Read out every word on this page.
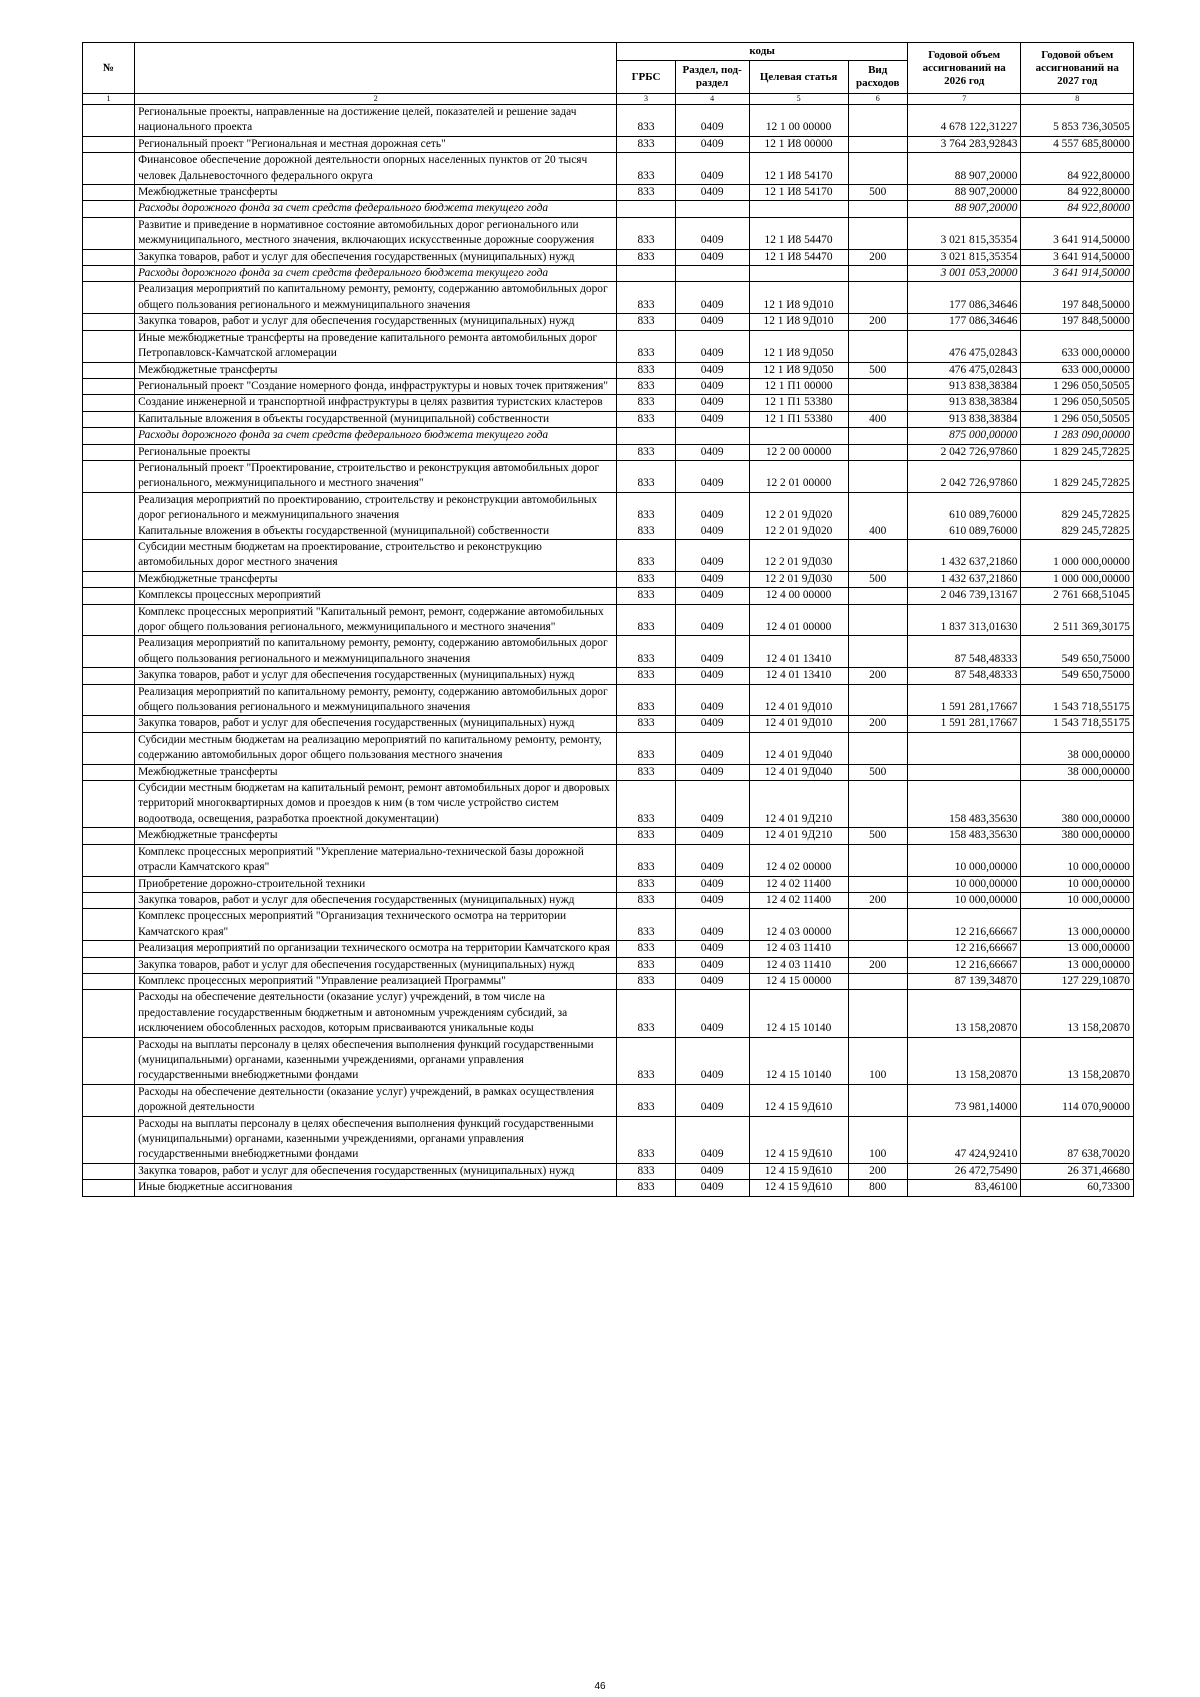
№		коды				Годовой объем ассигнований на 2026 год	Годовой объем ассигнований на 2027 год
		ГРБС	Раздел, под-раздел	Целевая статья	Вид расходов		
1	2	3	4	5	6	7	8
	Региональные проекты, направленные на достижение целей, показателей и решение задач национального проекта	833	0409	12 1 00 00000		4 678 122,31227	5 853 736,30505
	Региональный проект "Региональная и местная дорожная сеть"	833	0409	12 1 И8 00000		3 764 283,92843	4 557 685,80000
	Финансовое обеспечение дорожной деятельности опорных населенных пунктов от 20 тысяч человек Дальневосточного федерального округа	833	0409	12 1 И8 54170		88 907,20000	84 922,80000
	Межбюджетные трансферты	833	0409	12 1 И8 54170	500	88 907,20000	84 922,80000
	Расходы дорожного фонда за счет средств федерального бюджета текущего года					88 907,20000	84 922,80000
	Развитие и приведение в нормативное состояние автомобильных дорог регионального или межмуниципального, местного значения, включающих искусственные дорожные сооружения	833	0409	12 1 И8 54470		3 021 815,35354	3 641 914,50000
	Закупка товаров, работ и услуг для обеспечения государственных (муниципальных) нужд	833	0409	12 1 И8 54470	200	3 021 815,35354	3 641 914,50000
	Расходы дорожного фонда за счет средств федерального бюджета текущего года					3 001 053,20000	3 641 914,50000
	Реализация мероприятий по капитальному ремонту, ремонту, содержанию автомобильных дорог общего пользования регионального и межмуниципального значения	833	0409	12 1 И8 9Д010		177 086,34646	197 848,50000
	Закупка товаров, работ и услуг для обеспечения государственных (муниципальных) нужд	833	0409	12 1 И8 9Д010	200	177 086,34646	197 848,50000
	Иные межбюджетные трансферты на проведение капитального ремонта автомобильных дорог Петропавловск-Камчатской агломерации	833	0409	12 1 И8 9Д050		476 475,02843	633 000,00000
	Межбюджетные трансферты	833	0409	12 1 И8 9Д050	500	476 475,02843	633 000,00000
	Региональный проект "Создание номерного фонда, инфраструктуры и новых точек притяжения"	833	0409	12 1 П1 00000		913 838,38384	1 296 050,50505
	Создание инженерной и транспортной инфраструктуры в целях развития туристских кластеров	833	0409	12 1 П1 53380		913 838,38384	1 296 050,50505
	Капитальные вложения в объекты государственной (муниципальной) собственности	833	0409	12 1 П1 53380	400	913 838,38384	1 296 050,50505
	Расходы дорожного фонда за счет средств федерального бюджета текущего года					875 000,00000	1 283 090,00000
	Региональные проекты	833	0409	12 2 00 00000		2 042 726,97860	1 829 245,72825
	Региональный проект "Проектирование, строительство и реконструкция автомобильных дорог регионального, межмуниципального и местного значения"	833	0409	12 2 01 00000		2 042 726,97860	1 829 245,72825
	Реализация мероприятий по проектированию, строительству и реконструкции автомобильных дорог регионального и межмуниципального значения	833	0409	12 2 01 9Д020		610 089,76000	829 245,72825
	Капитальные вложения в объекты государственной (муниципальной) собственности	833	0409	12 2 01 9Д020	400	610 089,76000	829 245,72825
	Субсидии местным бюджетам на проектирование, строительство и реконструкцию автомобильных дорог местного значения	833	0409	12 2 01 9Д030		1 432 637,21860	1 000 000,00000
	Межбюджетные трансферты	833	0409	12 2 01 9Д030	500	1 432 637,21860	1 000 000,00000
	Комплексы процессных мероприятий	833	0409	12 4 00 00000		2 046 739,13167	2 761 668,51045
	Комплекс процессных мероприятий "Капитальный ремонт, ремонт, содержание автомобильных дорог общего пользования регионального, межмуниципального и местного значения"	833	0409	12 4 01 00000		1 837 313,01630	2 511 369,30175
	Реализация мероприятий по капитальному ремонту, ремонту, содержанию автомобильных дорог общего пользования регионального и межмуниципального значения	833	0409	12 4 01 13410		87 548,48333	549 650,75000
	Закупка товаров, работ и услуг для обеспечения государственных (муниципальных) нужд	833	0409	12 4 01 13410	200	87 548,48333	549 650,75000
	Реализация мероприятий по капитальному ремонту, ремонту, содержанию автомобильных дорог общего пользования регионального и межмуниципального значения	833	0409	12 4 01 9Д010		1 591 281,17667	1 543 718,55175
	Закупка товаров, работ и услуг для обеспечения государственных (муниципальных) нужд	833	0409	12 4 01 9Д010	200	1 591 281,17667	1 543 718,55175
	Субсидии местным бюджетам на реализацию мероприятий по капитальному ремонту, ремонту, содержанию автомобильных дорог общего пользования местного значения	833	0409	12 4 01 9Д040			38 000,00000
	Межбюджетные трансферты	833	0409	12 4 01 9Д040	500		38 000,00000
	Субсидии местным бюджетам на капитальный ремонт, ремонт автомобильных дорог и дворовых территорий многоквартирных домов и проездов к ним (в том числе устройство систем водоотвода, освещения, разработка проектной документации)	833	0409	12 4 01 9Д210		158 483,35630	380 000,00000
	Межбюджетные трансферты	833	0409	12 4 01 9Д210	500	158 483,35630	380 000,00000
	Комплекс процессных мероприятий "Укрепление материально-технической базы дорожной отрасли Камчатского края"	833	0409	12 4 02 00000		10 000,00000	10 000,00000
	Приобретение дорожно-строительной техники	833	0409	12 4 02 11400		10 000,00000	10 000,00000
	Закупка товаров, работ и услуг для обеспечения государственных (муниципальных) нужд	833	0409	12 4 02 11400	200	10 000,00000	10 000,00000
	Комплекс процессных мероприятий "Организация технического осмотра на территории Камчатского края"	833	0409	12 4 03 00000		12 216,66667	13 000,00000
	Реализация мероприятий по организации технического осмотра на территории Камчатского края	833	0409	12 4 03 11410		12 216,66667	13 000,00000
	Закупка товаров, работ и услуг для обеспечения государственных (муниципальных) нужд	833	0409	12 4 03 11410	200	12 216,66667	13 000,00000
	Комплекс процессных мероприятий "Управление реализацией Программы"	833	0409	12 4 15 00000		87 139,34870	127 229,10870
	Расходы на обеспечение деятельности (оказание услуг) учреждений, в том числе на предоставление государственным бюджетным и автономным учреждениям субсидий, за исключением обособленных расходов, которым присваиваются уникальные коды	833	0409	12 4 15 10140		13 158,20870	13 158,20870
	Расходы на выплаты персоналу в целях обеспечения выполнения функций государственными (муниципальными) органами, казенными учреждениями, органами управления государственными внебюджетными фондами	833	0409	12 4 15 10140	100	13 158,20870	13 158,20870
	Расходы на обеспечение деятельности (оказание услуг) учреждений, в рамках осуществления дорожной деятельности	833	0409	12 4 15 9Д610		73 981,14000	114 070,90000
	Расходы на выплаты персоналу в целях обеспечения выполнения функций государственными (муниципальными) органами, казенными учреждениями, органами управления государственными внебюджетными фондами	833	0409	12 4 15 9Д610	100	47 424,92410	87 638,70020
	Закупка товаров, работ и услуг для обеспечения государственных (муниципальных) нужд	833	0409	12 4 15 9Д610	200	26 472,75490	26 371,46680
	Иные бюджетные ассигнования	833	0409	12 4 15 9Д610	800	83,46100	60,73300
46
